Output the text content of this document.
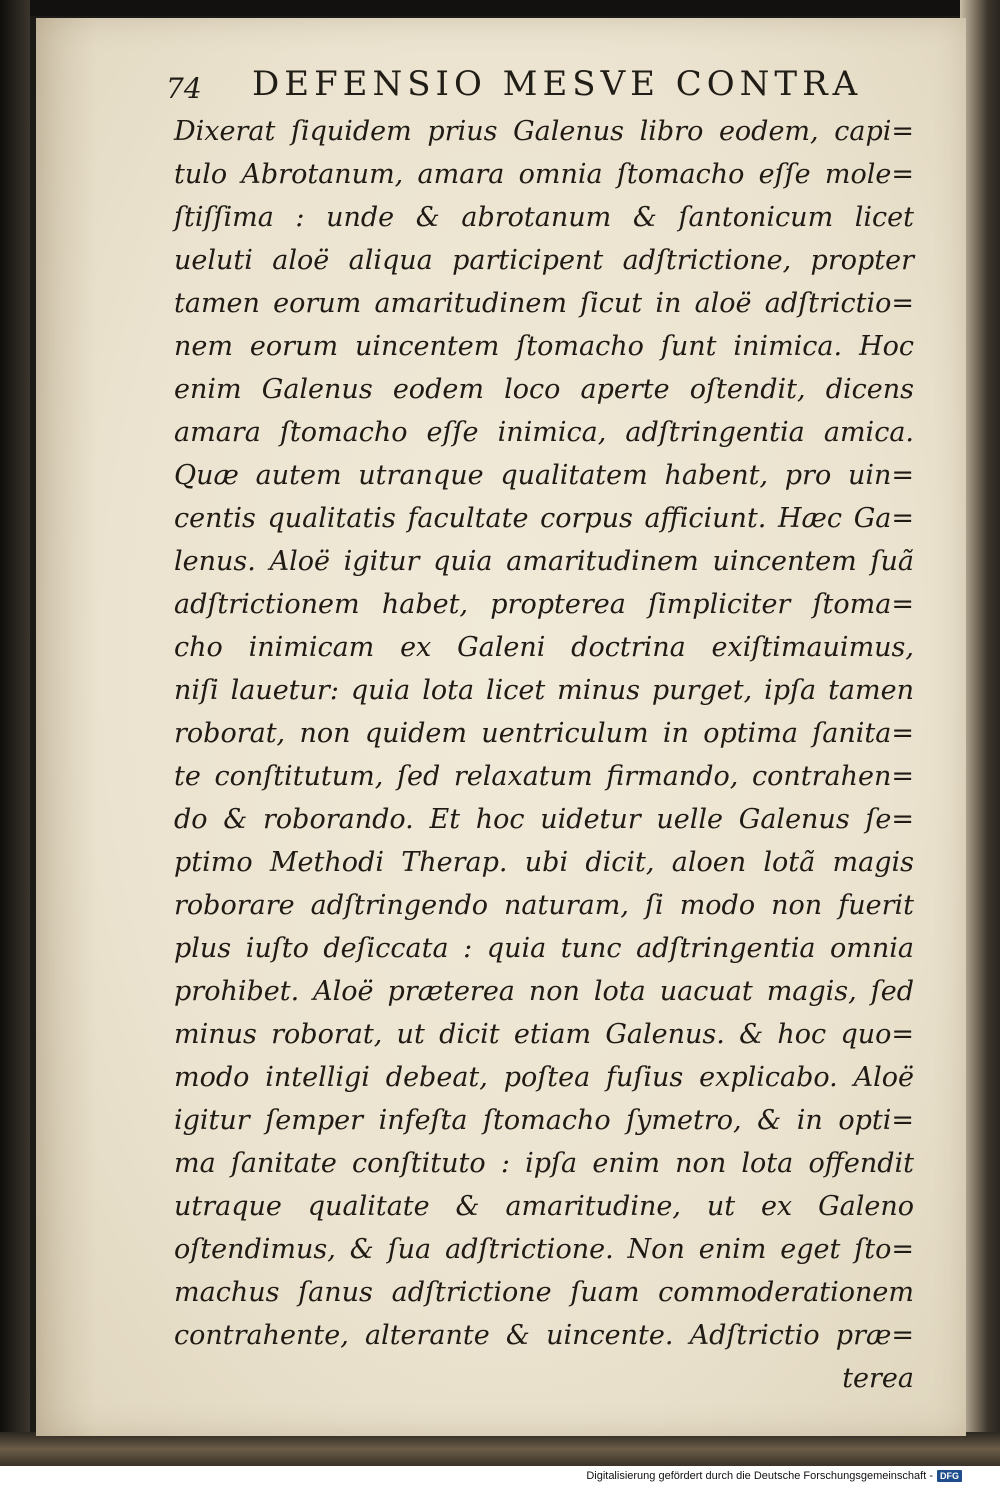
74 DEFENSIO MESVE CONTRA
Dixerat ſiquidem prius Galenus libro eodem, capi=
tulo Abrotanum, amara omnia ſtomacho eſſe mole=
ſtiſſima : unde & abrotanum & ſantonicum licet
ueluti aloë aliqua participent adſtrictione, propter
tamen eorum amaritudinem ſicut in aloë adſtrictio=
nem eorum uincentem ſtomacho ſunt inimica. Hoc
enim Galenus eodem loco aperte oſtendit, dicens
amara ſtomacho eſſe inimica, adſtringentia amica.
Quæ autem utranque qualitatem habent, pro uin=
centis qualitatis facultate corpus afficiunt. Hæc Ga=
lenus. Aloë igitur quia amaritudinem uincentem ſuã
adſtrictionem habet, propterea ſimpliciter ſtoma=
cho inimicam ex Galeni doctrina exiſtimauimus,
niſi lauetur: quia lota licet minus purget, ipſa tamen
roborat, non quidem uentriculum in optima ſanita=
te conſtitutum, ſed relaxatum firmando, contrahen=
do & roborando. Et hoc uidetur uelle Galenus ſe=
ptimo Methodi Therap. ubi dicit, aloen lotã magis
roborare adſtringendo naturam, ſi modo non fuerit
plus iuſto deſiccata : quia tunc adſtringentia omnia
prohibet. Aloë præterea non lota uacuat magis, ſed
minus roborat, ut dicit etiam Galenus. & hoc quo=
modo intelligi debeat, poſtea fuſius explicabo. Aloë
igitur ſemper infeſta ſtomacho ſymetro, & in opti=
ma ſanitate conſtituto : ipſa enim non lota offendit
utraque qualitate & amaritudine, ut ex Galeno
oſtendimus, & ſua adſtrictione. Non enim eget ſto=
machus ſanus adſtrictione ſuam commoderationem
contrahente, alterante & uincente. Adſtrictio præ=
terea
Digitalisierung gefördert durch die Deutsche Forschungsgemeinschaft - DFG
